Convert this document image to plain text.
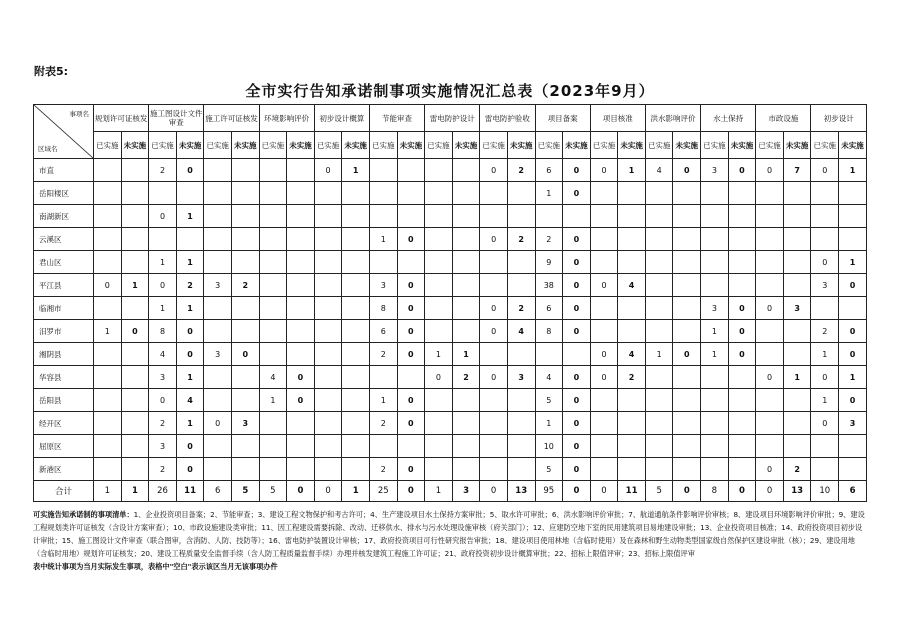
附表5:
全市实行告知承诺制事项实施情况汇总表（2023年9月）
事项名
区域名	规划许可证核发		施工图设计文件审查		施工许可证核发		环境影响评价		初步设计概算		节能审查		雷电防护设计		雷电防护验收		项目备案		项目核准		洪水影响评价		水土保持		市政设施		初步设计	
	已实施	未实施	已实施	未实施	已实施	未实施	已实施	未实施	已实施	未实施	已实施	未实施	已实施	未实施	已实施	未实施	已实施	未实施	已实施	未实施	已实施	未实施	已实施	未实施	已实施	未实施	已实施	未实施
市直			2	0					0	1					0	2	6	0	0	1	4	0	3	0	0	7	0	1
岳阳楼区																	1	0										
南湖新区			0	1																								
云溪区											1	0			0	2	2	0										
君山区			1	1													9	0									0	1
平江县	0	1	0	2	3	2					3	0					38	0	0	4							3	0
临湘市			1	1							8	0			0	2	6	0					3	0	0	3		
汨罗市	1	0	8	0							6	0			0	4	8	0					1	0			2	0
湘阴县			4	0	3	0					2	0	1	1					0	4	1	0	1	0			1	0
华容县			3	1			4	0					0	2	0	3	4	0	0	2					0	1	0	1
岳阳县			0	4			1	0			1	0					5	0									1	0
经开区			2	1	0	3					2	0					1	0									0	3
屈原区			3	0													10	0										
新港区			2	0							2	0					5	0							0	2		
合计	1	1	26	11	6	5	5	0	0	1	25	0	1	3	0	13	95	0	0	11	5	0	8	0	0	13	10	6
可实施告知承诺制的事项清单：1、企业投资项目备案；2、节能审查；3、建设工程文物保护和考古许可；4、生产建设项目水土保持方案审批；5、取水许可审批；6、洪水影响评价审批；7、航道通航条件影响评价审核；8、建设项目环境影响评价审批；9、建设工程规划类许可证核发（含设计方案审查）；10、市政设施建设类审批；11、因工程建设需要拆除、改动、迁移供水、排水与污水处理设施审核（府关部门）；12、应建防空地下室的民用建筑项目易地建设审批；13、企业投资项目核准；14、政府投资项目初步设计审批；15、施工图设计文件审查（联合图审，含消防、人防、技防等）；16、雷电防护装置设计审核；17、政府投资项目可行性研究报告审批；18、建设项目使用林地（含临时使用）及在森林和野生动物类型国家级自然保护区建设审批（核）；29、建设用地（含临时用地）规划许可证核发；20、建设工程质量安全监督手续（含人防工程质量监督手续）办理并核发建筑工程施工许可证；21、政府投资初步设计概算审批；22、招标上限值评审；23、招标上限值评审
表中统计事项为当月实际发生事项，表格中"空白"表示该区当月无该事项办件
